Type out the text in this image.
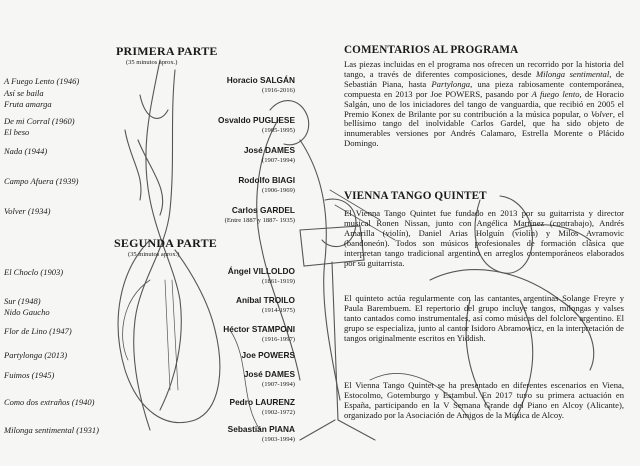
PRIMERA PARTE
(35 minutos aprox.)
A Fuego Lento (1946)
Así se baila
Fruta amarga
De mi Corral (1960)
El beso
Nada (1944)
Campo Afuera (1939)
Volver (1934)
Horacio SALGÁN
(1916-2016)
Osvaldo PUGLIESE
(1905-1995)
José DAMES
(1907-1994)
Rodolfo BIAGI
(1906-1969)
Carlos GARDEL
(Entre 1887 y 1887- 1935)
SEGUNDA PARTE
(35 minutos aprox.)
El Choclo (1903)
Sur (1948)
Nido Gaucho
Flor de Lino (1947)
Partylonga (2013)
Fuimos (1945)
Como dos extraños (1940)
Milonga sentimental (1931)
Ángel VILLOLDO
(1861-1919)
Aníbal TROILO
(1914-1975)
Héctor STAMPONI
(1916-1997)
Joe POWERS
José DAMES
(1907-1994)
Pedro LAURENZ
(1902-1972)
Sebastián PIANA
(1903-1994)
COMENTARIOS AL PROGRAMA
Las piezas incluidas en el programa nos ofrecen un recorrido por la historia del tango, a través de diferentes composiciones, desde Milonga sentimental, de Sebastián Piana, hasta Partylonga, una pieza rabiosamente contemporánea, compuesta en 2013 por Joe POWERS, pasando por A fuego lento, de Horacio Salgán, uno de los iniciadores del tango de vanguardia, que recibió en 2005 el Premio Konex de Brilante por su contribución a la música popular, o Volver, el bellísimo tango del inolvidable Carlos Gardel, que ha sido objeto de innumerables versiones por Andrés Calamaro, Estrella Morente o Plácido Domingo.
VIENNA TANGO QUINTET
El Vienna Tango Quintet fue fundado en 2013 por su guitarrista y director musical Ronen Nissan, junto con Angélica Martínez (contrabajo), Andrés Amarilla (violín), Daniel Arias Holguín (violín) y Milos Avramovic (bandoneón). Todos son músicos profesionales de formación clásica que interpretan tango tradicional argentino en arreglos contemporáneos elaborados por su guitarrista.
El quinteto actúa regularmente con las cantantes argentinas Solange Freyre y Paula Barembuem. El repertorio del grupo incluye tangos, milongas y valses tanto cantados como instrumentales, así como músicas del folclore argentino. El grupo se especializa, junto al cantor Isidoro Abramowicz, en la interpretación de tangos originalmente escritos en Yiddish.
El Vienna Tango Quintet se ha presentado en diferentes escenarios en Viena, Estocolmo, Gotemburgo y Estambul. En 2017 tuvo su primera actuación en España, participando en la V Semana Grande del Piano en Alcoy (Alicante), organizado por la Asociación de Amigos de la Música de Alcoy.
